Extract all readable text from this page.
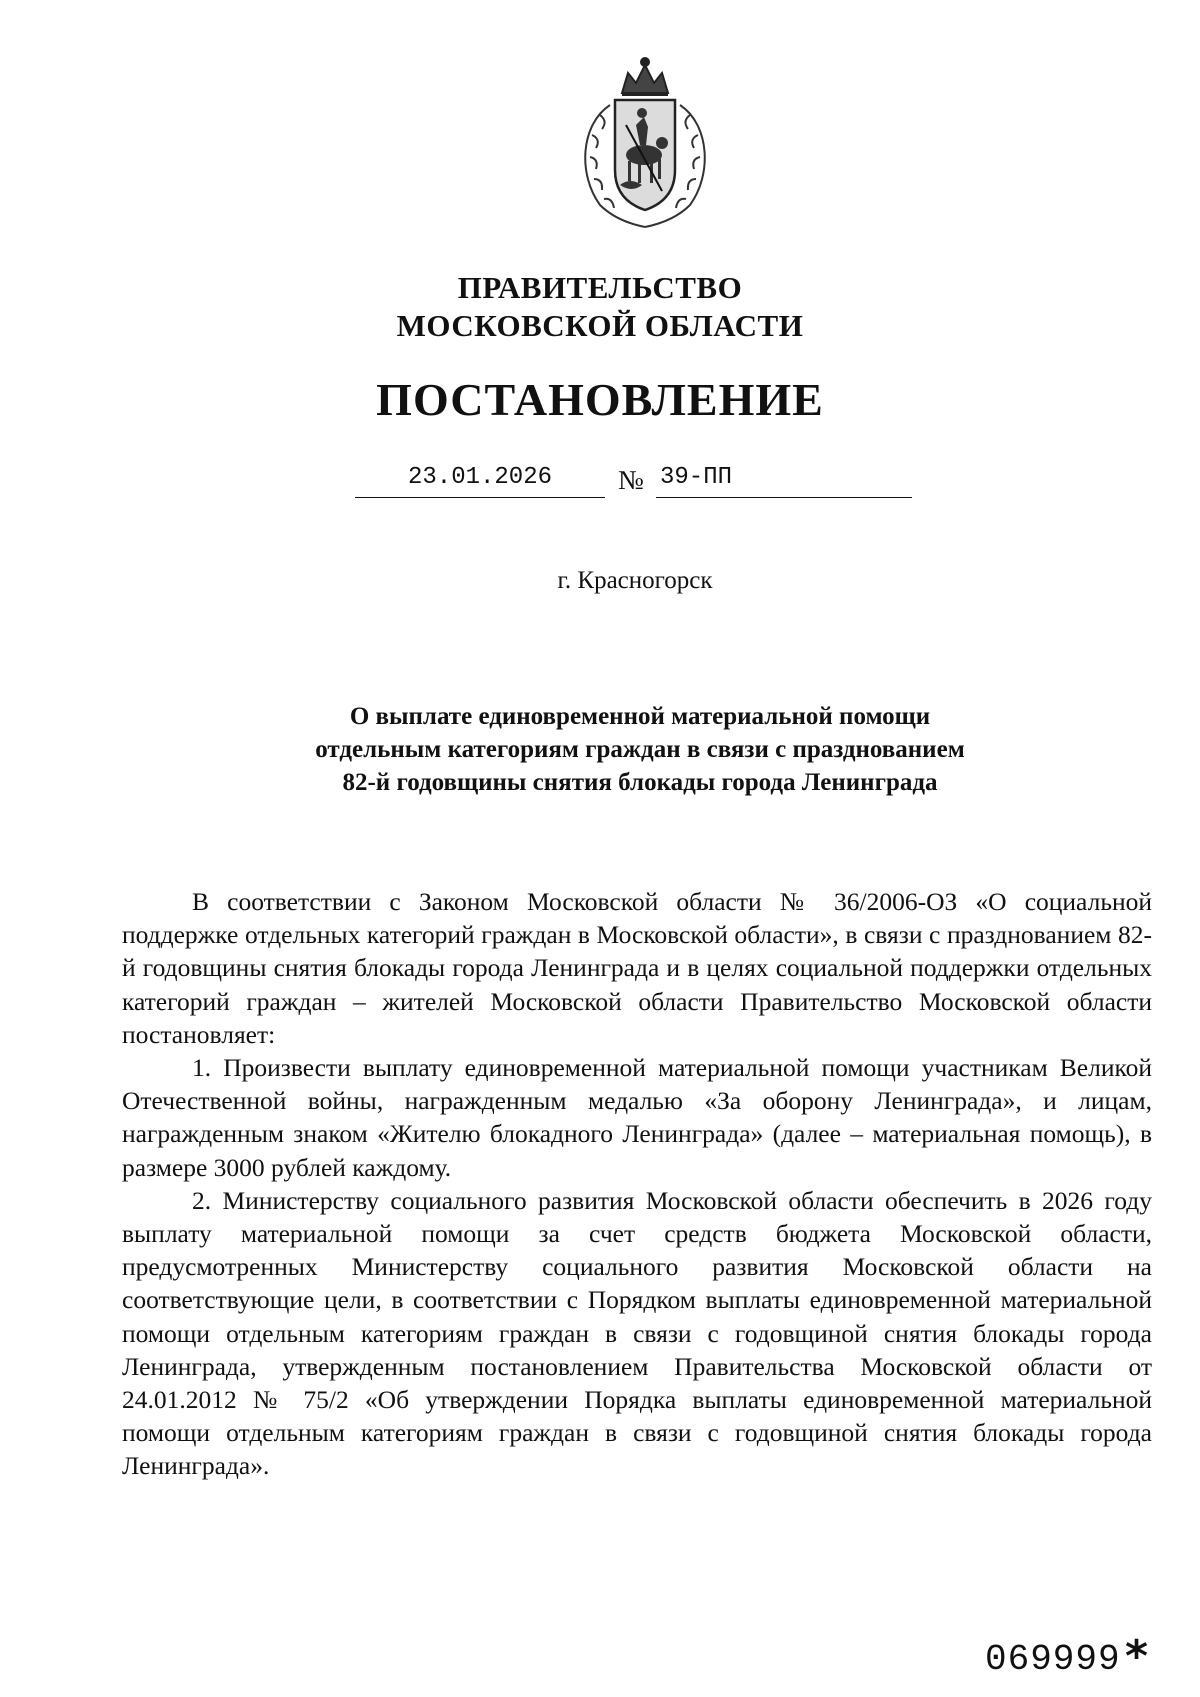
ПРАВИТЕЛЬСТВО
МОСКОВСКОЙ ОБЛАСТИ
ПОСТАНОВЛЕНИЕ
23.01.2026	№ 39-ПП
г. Красногорск
О выплате единовременной материальной помощи
отдельным категориям граждан в связи с празднованием
82-й годовщины снятия блокады города Ленинграда

В соответствии с Законом Московской области № 36/2006-ОЗ «О социальной поддержке отдельных категорий граждан в Московской области», в связи с празднованием 82-й годовщины снятия блокады города Ленинграда и в целях социальной поддержки отдельных категорий граждан – жителей Московской области Правительство Московской области постановляет:

1. Произвести выплату единовременной материальной помощи участникам Великой Отечественной войны, награжденным медалью «За оборону Ленинграда», и лицам, награжденным знаком «Жителю блокадного Ленинграда» (далее – материальная помощь), в размере 3000 рублей каждому.

2. Министерству социального развития Московской области обеспечить в 2026 году выплату материальной помощи за счет средств бюджета Московской области, предусмотренных Министерству социального развития Московской области на соответствующие цели, в соответствии с Порядком выплаты единовременной материальной помощи отдельным категориям граждан в связи с годовщиной снятия блокады города Ленинграда, утвержденным постановлением Правительства Московской области от 24.01.2012 № 75/2 «Об утверждении Порядка выплаты единовременной материальной помощи отдельным категориям граждан в связи с годовщиной снятия блокады города Ленинграда».

069999 *
